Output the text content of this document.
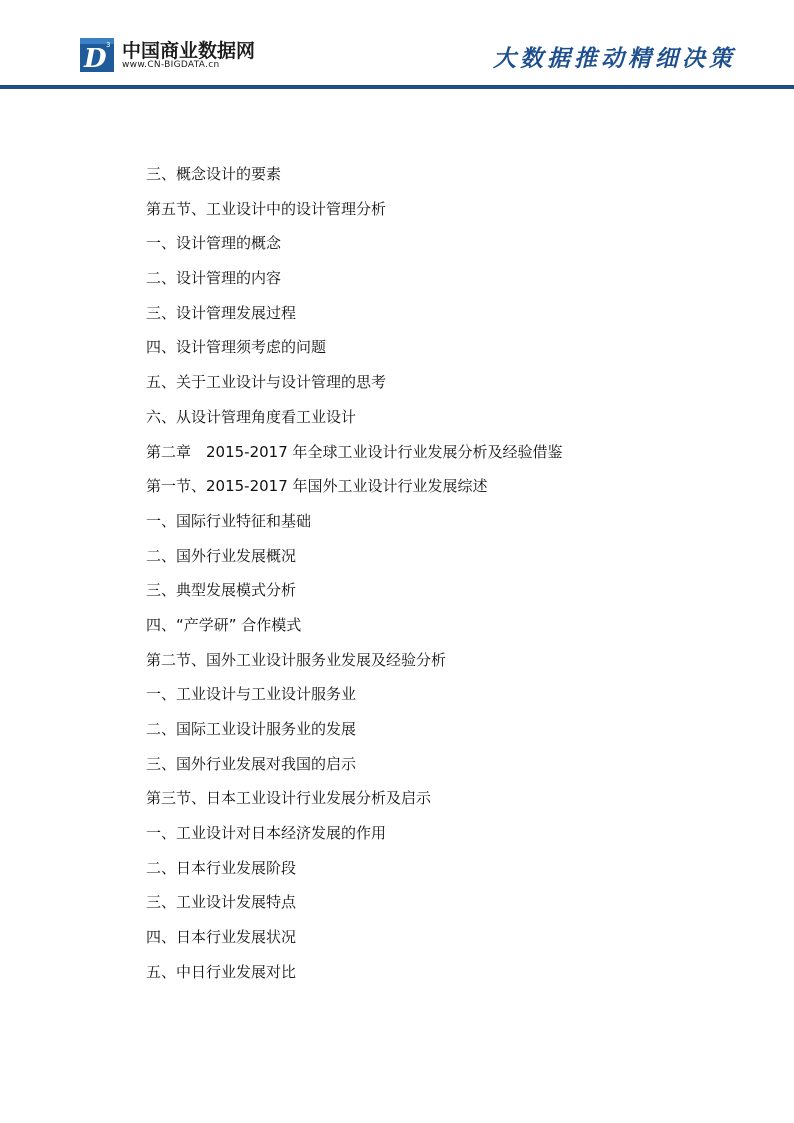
D 3 中国商业数据网
www.CN-BIGDATA.cn	大数据推动精细决策
三、概念设计的要素
第五节、工业设计中的设计管理分析
一、设计管理的概念
二、设计管理的内容
三、设计管理发展过程
四、设计管理须考虑的问题
五、关于工业设计与设计管理的思考
六、从设计管理角度看工业设计
第二章　2015-2017 年全球工业设计行业发展分析及经验借鉴
第一节、2015-2017 年国外工业设计行业发展综述
一、国际行业特征和基础
二、国外行业发展概况
三、典型发展模式分析
四、“产学研” 合作模式
第二节、国外工业设计服务业发展及经验分析
一、工业设计与工业设计服务业
二、国际工业设计服务业的发展
三、国外行业发展对我国的启示
第三节、日本工业设计行业发展分析及启示
一、工业设计对日本经济发展的作用
二、日本行业发展阶段
三、工业设计发展特点
四、日本行业发展状况
五、中日行业发展对比
